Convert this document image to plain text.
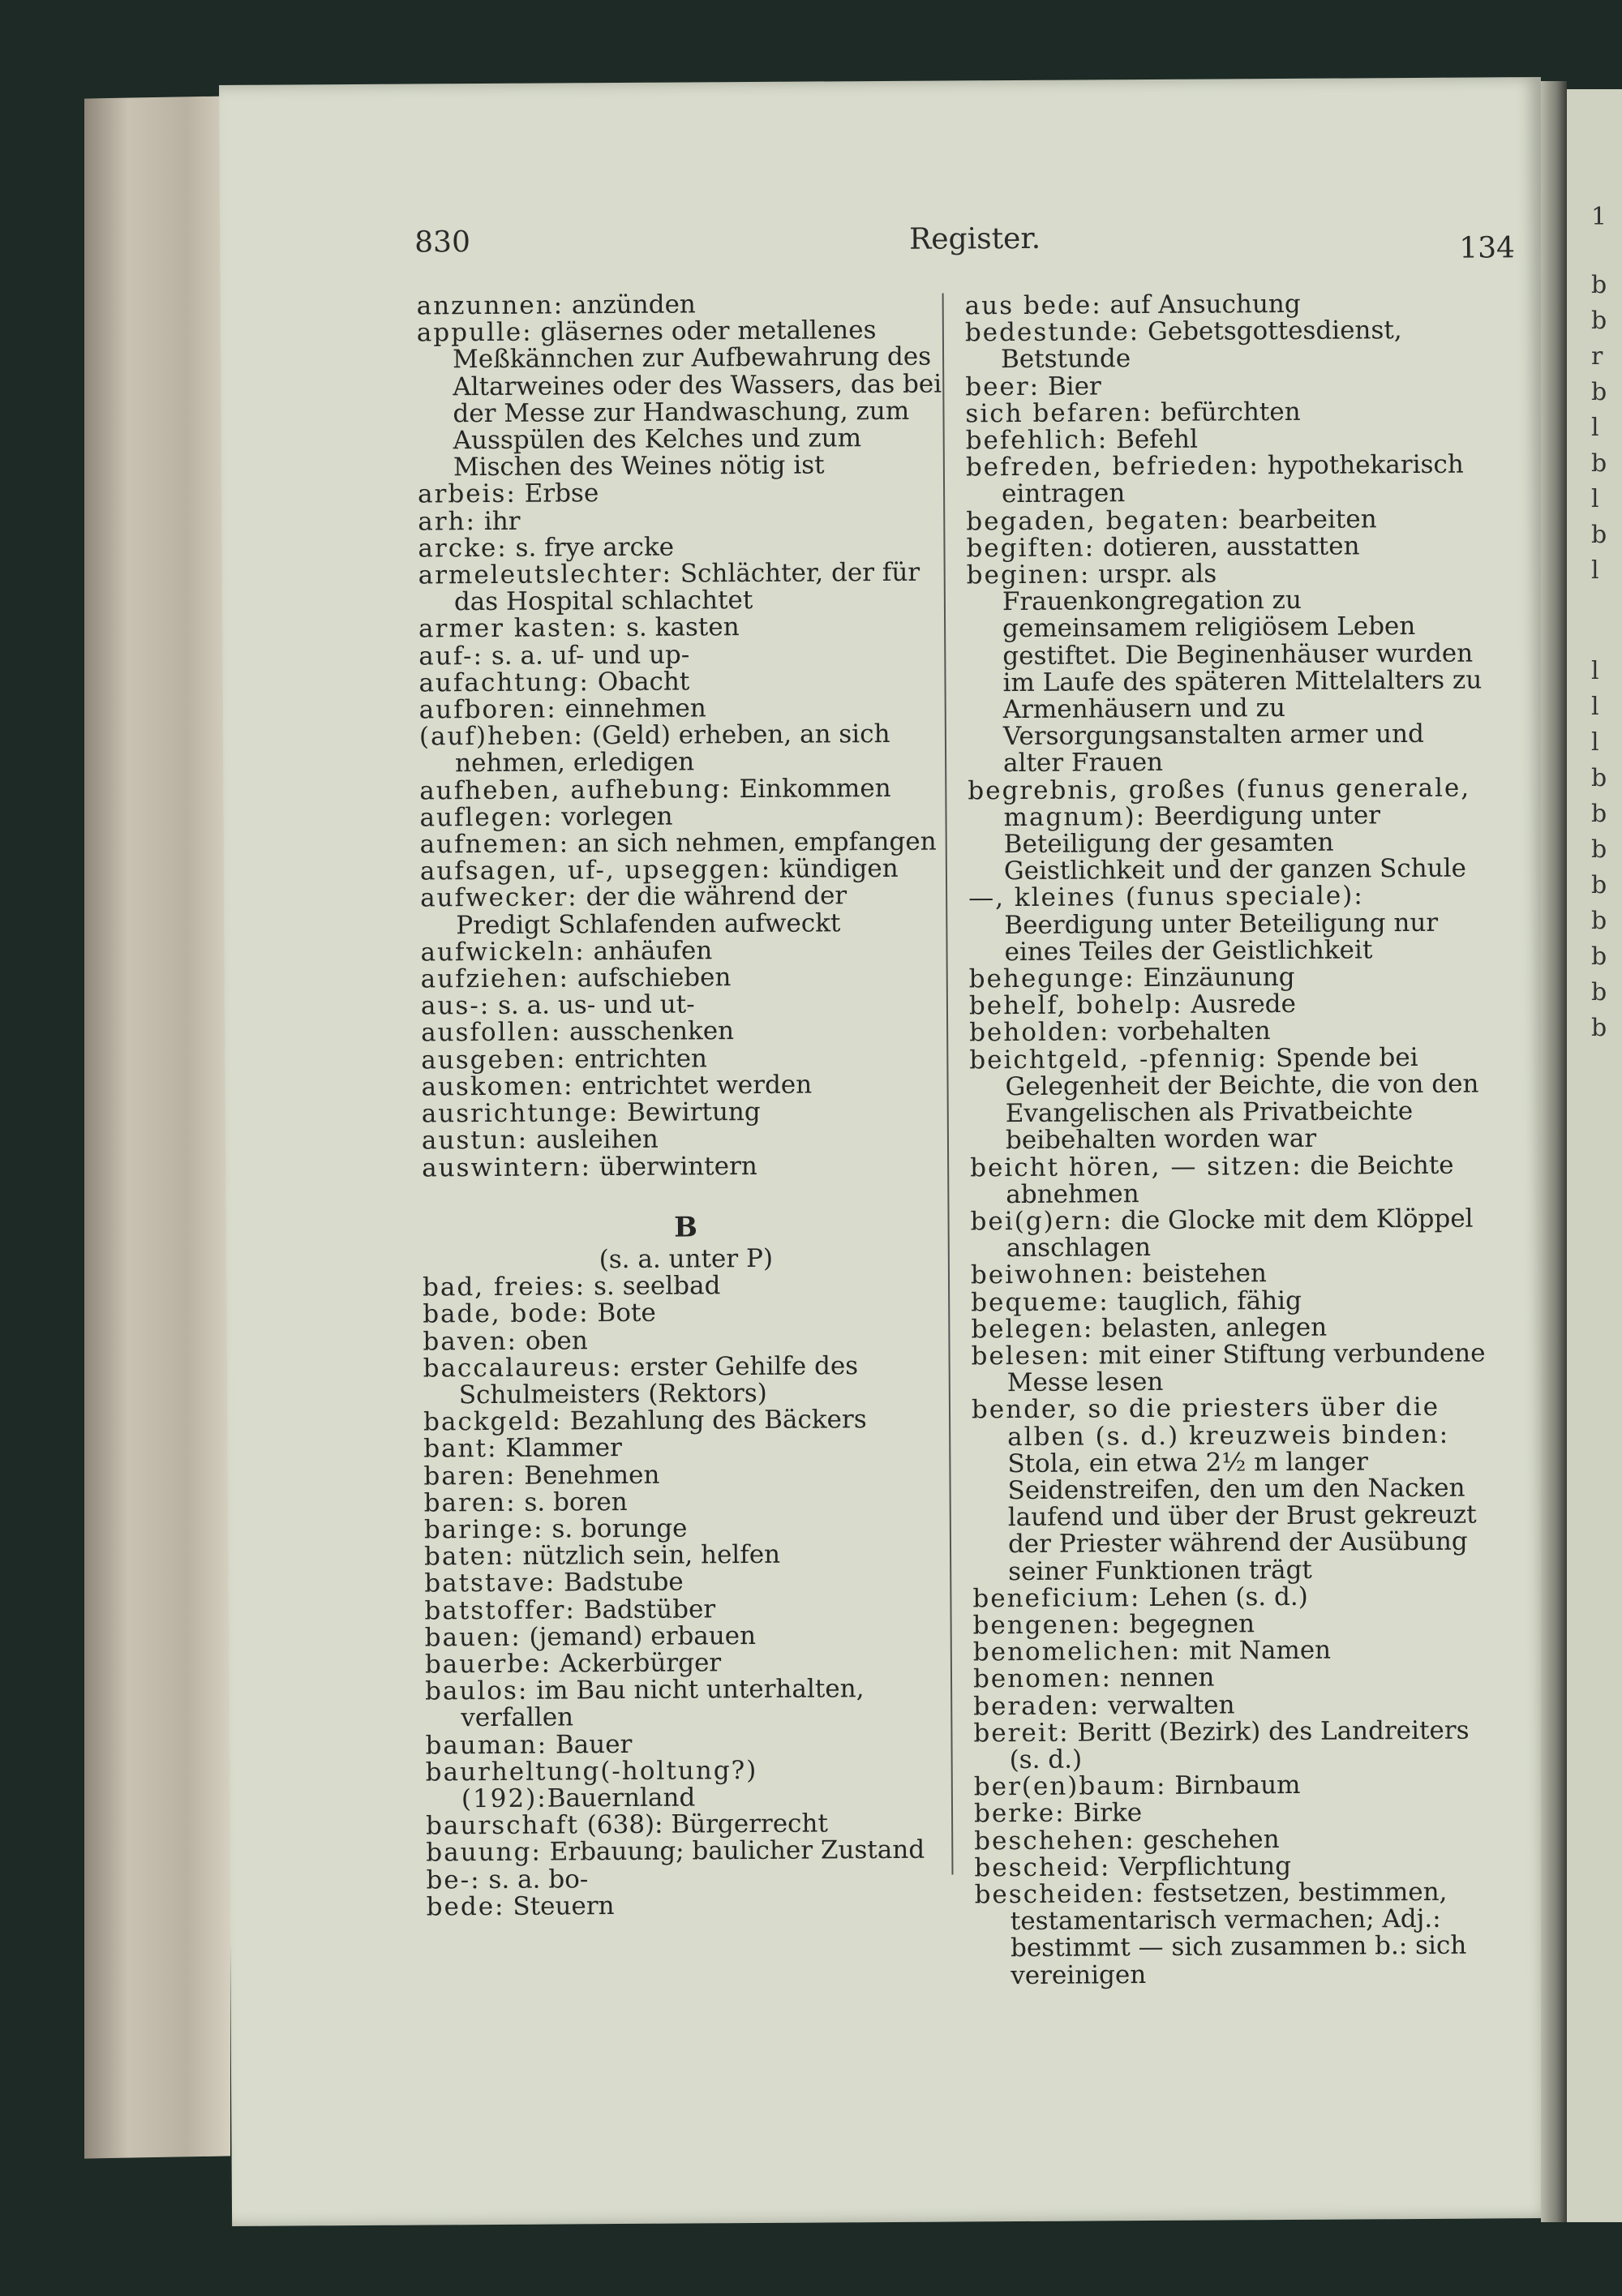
830	Register.	134
anzunnen: anzünden
appulle: gläsernes oder metallenes Meßkännchen zur Aufbewahrung des Altarweines oder des Wassers, das bei der Messe zur Handwaschung, zum Ausspülen des Kelches und zum Mischen des Weines nötig ist
arbeis: Erbse
arh: ihr
arcke: s. frye arcke
armeleutslechter: Schlächter, der für das Hospital schlachtet
armer kasten: s. kasten
auf-: s. a. uf- und up-
aufachtung: Obacht
aufboren: einnehmen
(auf)heben: (Geld) erheben, an sich nehmen, erledigen
aufheben, aufhebung: Einkommen
auflegen: vorlegen
aufnemen: an sich nehmen, empfangen
aufsagen, uf-, upseggen: kündigen
aufwecker: der die während der Predigt Schlafenden aufweckt
aufwickeln: anhäufen
aufziehen: aufschieben
aus-: s. a. us- und ut-
ausfollen: ausschenken
ausgeben: entrichten
auskomen: entrichtet werden
ausrichtunge: Bewirtung
austun: ausleihen
auswintern: überwintern
B
(s. a. unter P)
bad, freies: s. seelbad
bade, bode: Bote
baven: oben
baccalaureus: erster Gehilfe des Schulmeisters (Rektors)
backgeld: Bezahlung des Bäckers
bant: Klammer
baren: Benehmen
baren: s. boren
baringe: s. borunge
baten: nützlich sein, helfen
batstave: Badstube
batstoffer: Badstüber
bauen: (jemand) erbauen
bauerbe: Ackerbürger
baulos: im Bau nicht unterhalten, verfallen
bauman: Bauer
baurheltung(-holtung?)(192):Bauernland
baurschaft (638): Bürgerrecht
bauung: Erbauung; baulicher Zustand
be-: s. a. bo-
bede: Steuern
aus bede: auf Ansuchung
bedestunde: Gebetsgottesdienst, Betstunde
beer: Bier
sich befaren: befürchten
befehlich: Befehl
befreden, befrieden: hypothekarisch eintragen
begaden, begaten: bearbeiten
begiften: dotieren, ausstatten
beginen: urspr. als Frauenkongregation zu gemeinsamem religiösem Leben gestiftet. Die Beginenhäuser wurden im Laufe des späteren Mittelalters zu Armenhäusern und zu Versorgungsanstalten armer und alter Frauen
begrebnis, großes (funus generale, magnum): Beerdigung unter Beteiligung der gesamten Geistlichkeit und der ganzen Schule
—, kleines (funus speciale): Beerdigung unter Beteiligung nur eines Teiles der Geistlichkeit
behegunge: Einzäunung
behelf, bohelp: Ausrede
beholden: vorbehalten
beichtgeld, -pfennig: Spende bei Gelegenheit der Beichte, die von den Evangelischen als Privatbeichte beibehalten worden war
beicht hören, — sitzen: die Beichte abnehmen
bei(g)ern: die Glocke mit dem Klöppel anschlagen
beiwohnen: beistehen
bequeme: tauglich, fähig
belegen: belasten, anlegen
belesen: mit einer Stiftung verbundene Messe lesen
bender, so die priesters über die alben (s. d.) kreuzweis binden: Stola, ein etwa 2½ m langer Seidenstreifen, den um den Nacken laufend und über der Brust gekreuzt der Priester während der Ausübung seiner Funktionen trägt
beneficium: Lehen (s. d.)
bengenen: begegnen
benomelichen: mit Namen
benomen: nennen
beraden: verwalten
bereit: Beritt (Bezirk) des Landreiters (s. d.)
ber(en)baum: Birnbaum
berke: Birke
beschehen: geschehen
bescheid: Verpflichtung
bescheiden: festsetzen, bestimmen, testamentarisch vermachen; Adj.: bestimmt — sich zusammen b.: sich vereinigen
1
b
b
r
b
l
b
l
b
l
l
l
l
b
b
b
b
b
b
b
b
